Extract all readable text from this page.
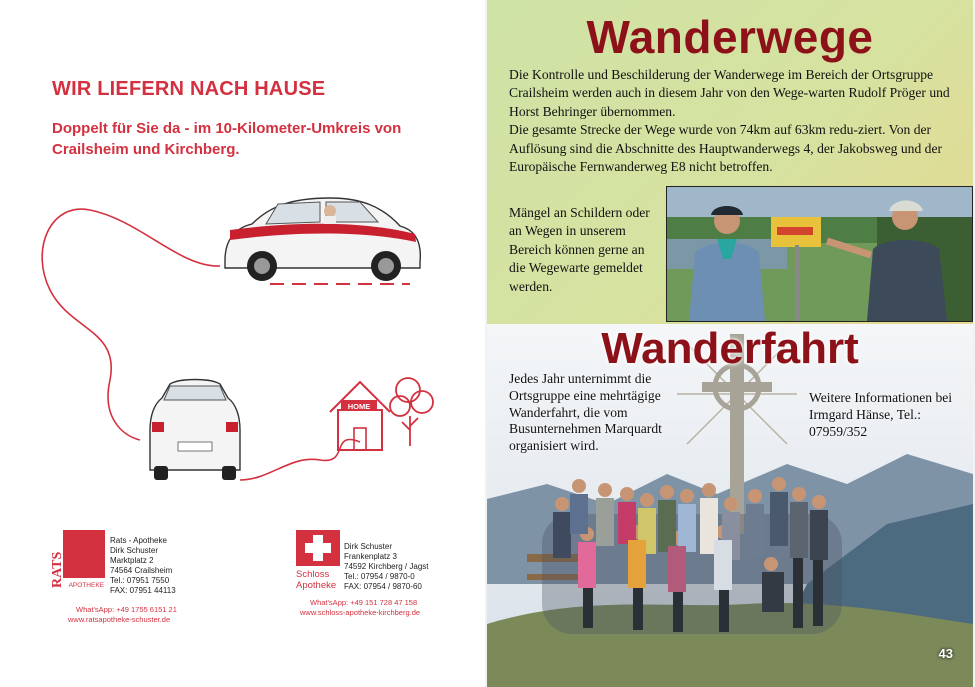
WIR LIEFERN NACH HAUSE
Doppelt für Sie da - im 10-Kilometer-Umkreis von Crailsheim und Kirchberg.
HOME
RATS APOTHEKE
Rats - Apotheke
Dirk Schuster
Marktplatz 2
74564 Crailsheim
Tel.: 07951 7550
FAX: 07951 44113
What'sApp: +49 1755 6151 21
www.ratsapotheke-schuster.de
Schloss
Apotheke
Dirk Schuster
Frankenplatz 3
74592 Kirchberg / Jagst
Tel.: 07954 / 9870-0
FAX: 07954 / 9870-60
What'sApp: +49 151 728 47 158
www.schloss-apotheke-kirchberg.de
Wanderwege
Die Kontrolle und Beschilderung der Wanderwege im Bereich der Ortsgruppe Crailsheim werden auch in diesem Jahr von den Wege-warten Rudolf Pröger und Horst Behringer übernommen.
Die gesamte Strecke der Wege wurde von 74km auf 63km redu-ziert. Von der Auflösung sind die Abschnitte des Hauptwanderwegs 4, der Jakobsweg und der Europäische Fernwanderweg E8 nicht betroffen.
Mängel an Schildern oder an Wegen in unserem Bereich können gerne an die Wegewarte gemeldet werden.
Wanderfahrt
Jedes Jahr unternimmt die Ortsgruppe eine mehrtägige Wanderfahrt, die vom Busunternehmen Marquardt organisiert wird.
Weitere Informationen bei Irmgard Hänse, Tel.: 07959/352
43
